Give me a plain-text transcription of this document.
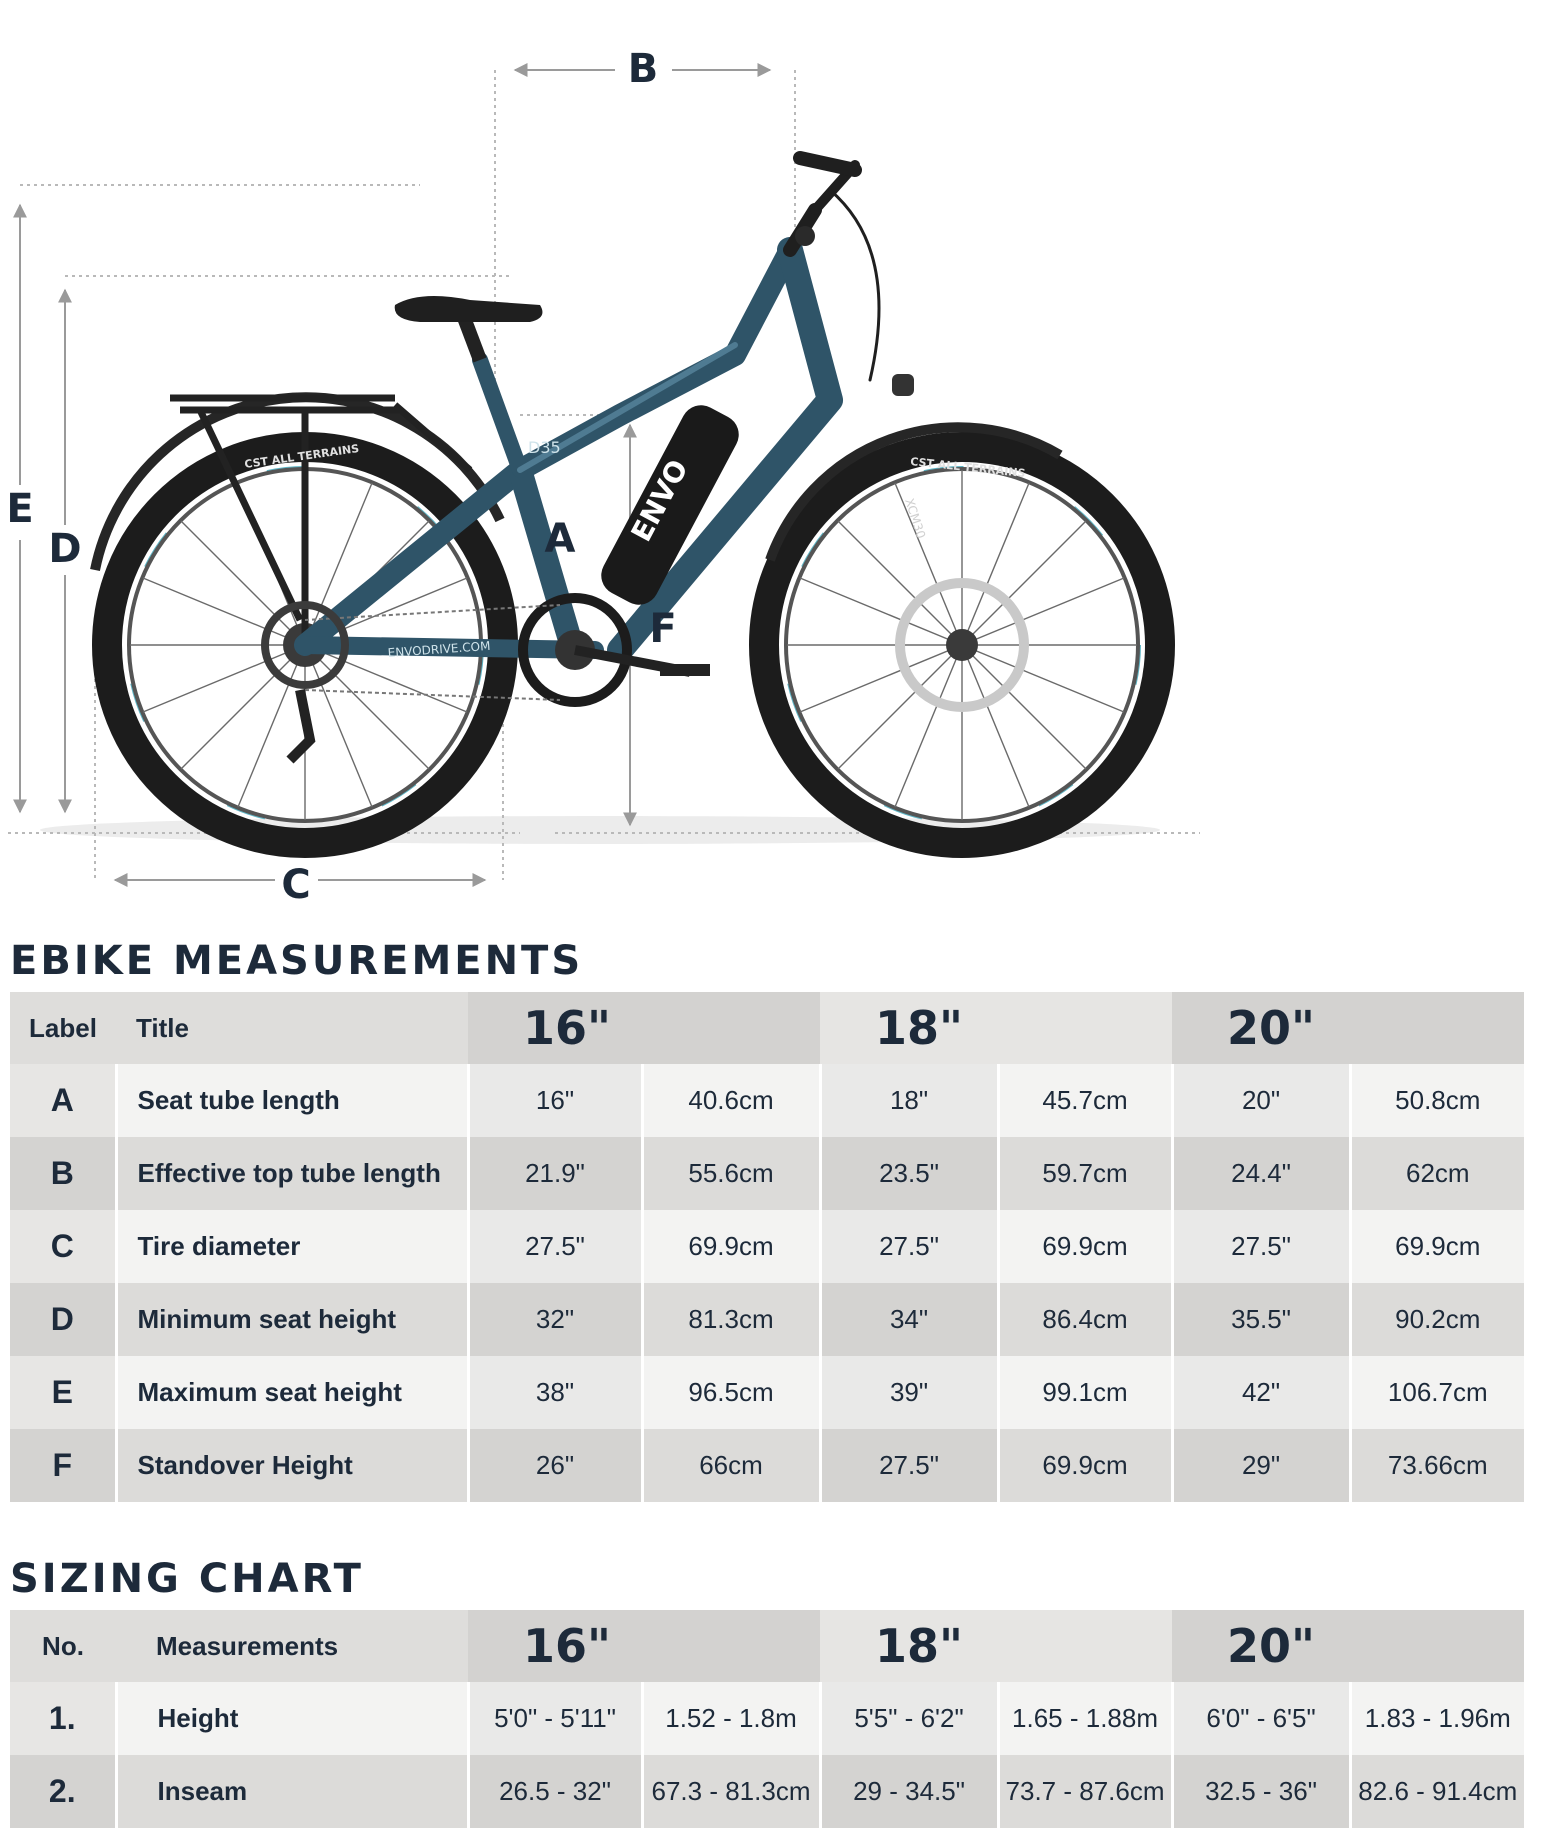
ENVO
D35
ENVODRIVE.COM
CST ALL TERRAINS	CST ALL TERRAINS
XCM30
B
E
D	A
F
C
EBIKE MEASUREMENTS
Label	Title	16"		18"		20"	
A	Seat tube length	16"	40.6cm	18"	45.7cm	20"	50.8cm
B	Effective top tube length	21.9"	55.6cm	23.5"	59.7cm	24.4"	62cm
C	Tire diameter	27.5"	69.9cm	27.5"	69.9cm	27.5"	69.9cm
D	Minimum seat height	32"	81.3cm	34"	86.4cm	35.5"	90.2cm
E	Maximum seat height	38"	96.5cm	39"	99.1cm	42"	106.7cm
F	Standover Height	26"	66cm	27.5"	69.9cm	29"	73.66cm
SIZING CHART
No.	Measurements	16"		18"		20"	
1.	Height	5'0" - 5'11"	1.52 - 1.8m	5'5" - 6'2"	1.65 - 1.88m	6'0" - 6'5"	1.83 - 1.96m
2.	Inseam	26.5 - 32"	67.3 - 81.3cm	29 - 34.5"	73.7 - 87.6cm	32.5 - 36"	82.6 - 91.4cm
